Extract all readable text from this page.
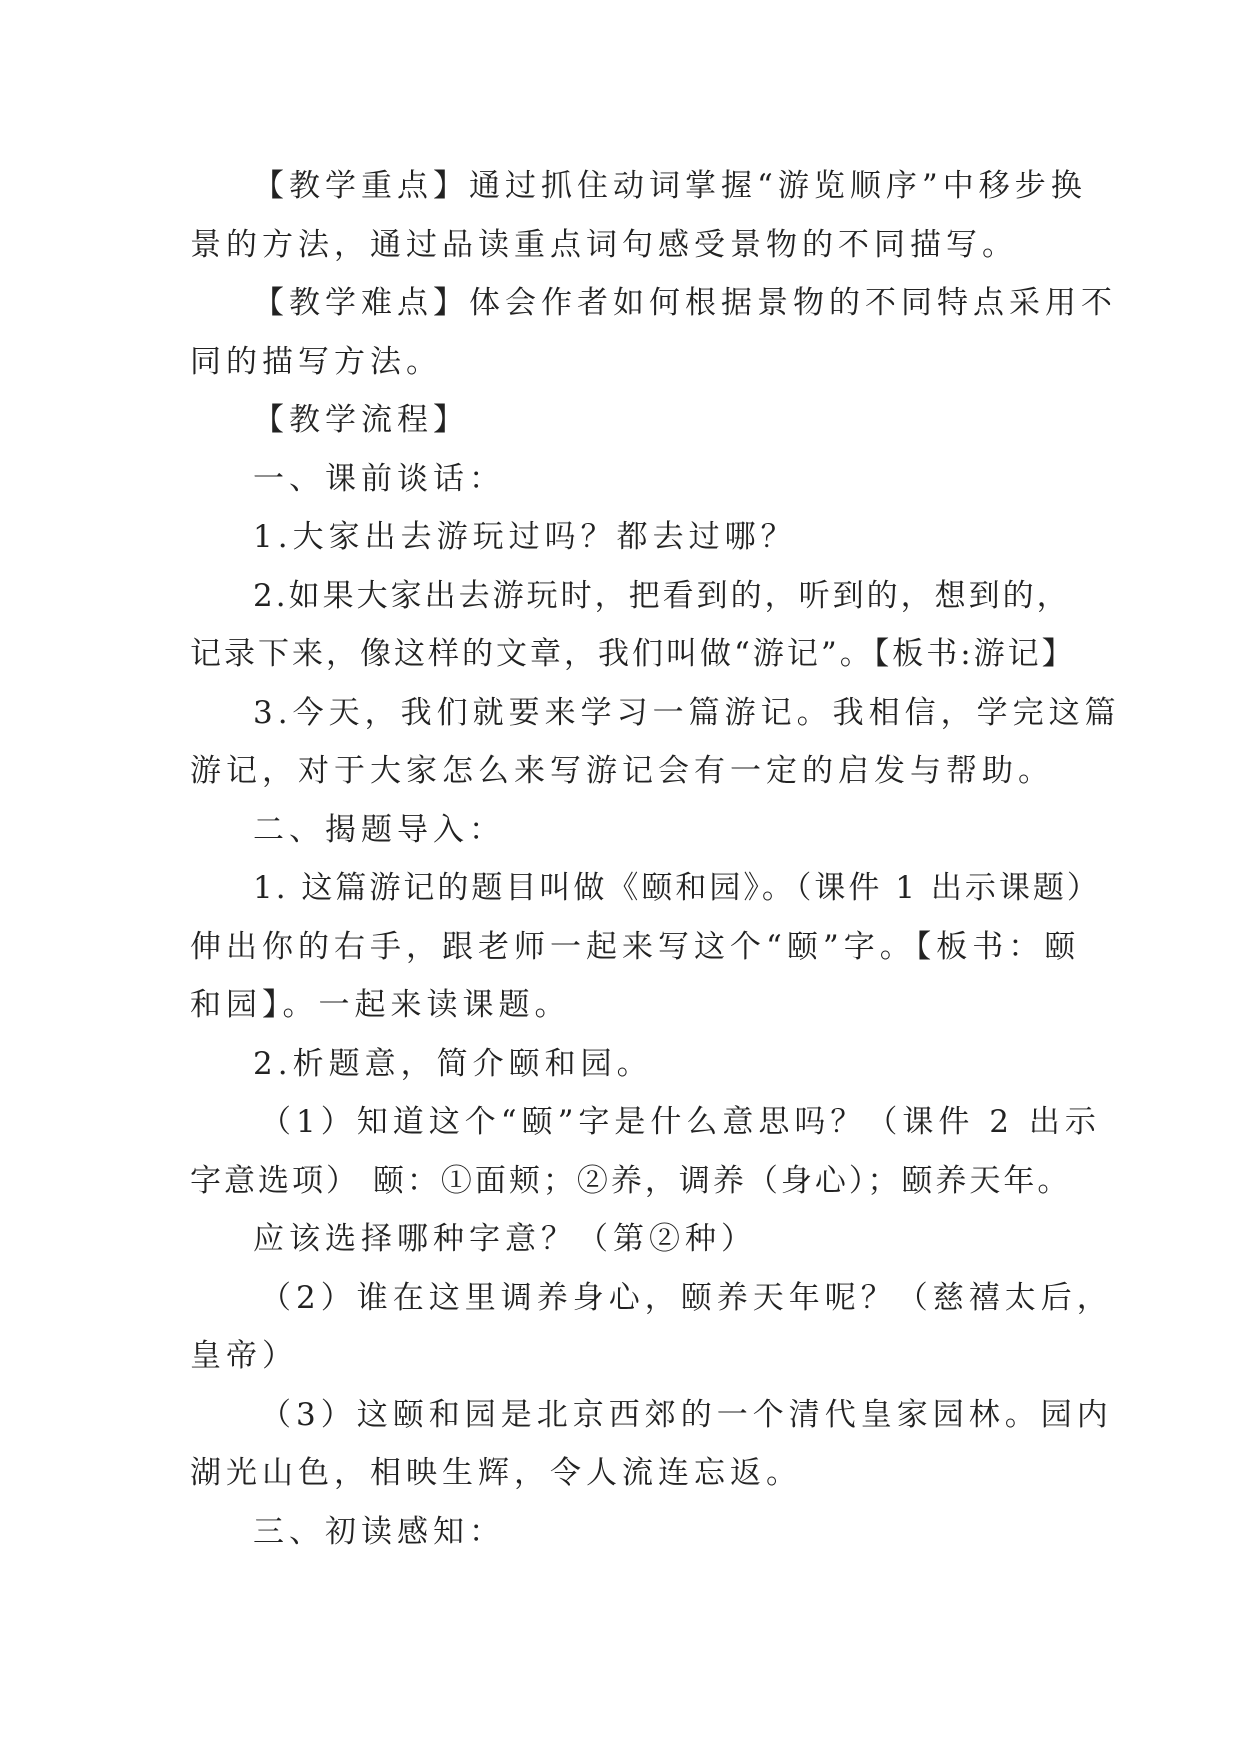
【教学重点】通过抓住动词掌握“游览顺序”中移步换
景的方法，通过品读重点词句感受景物的不同描写。
【教学难点】体会作者如何根据景物的不同特点采用不
同的描写方法。
【教学流程】
一、课前谈话：
1.大家出去游玩过吗？都去过哪？
2.如果大家出去游玩时，把看到的，听到的，想到的，
记录下来，像这样的文章，我们叫做“游记”。【板书:游记】
3.今天，我们就要来学习一篇游记。我相信，学完这篇
游记，对于大家怎么来写游记会有一定的启发与帮助。
二、揭题导入：
1. 这篇游记的题目叫做《颐和园》。（课件 1 出示课题）
伸出你的右手，跟老师一起来写这个“颐”字。【板书：颐
和园】。一起来读课题。
2.析题意，简介颐和园。
（1）知道这个“颐”字是什么意思吗？（课件 2 出示
字意选项） 颐：①面颊；②养，调养（身心）；颐养天年。
应该选择哪种字意？（第②种）
（2）谁在这里调养身心，颐养天年呢？（慈禧太后，
皇帝）
（3）这颐和园是北京西郊的一个清代皇家园林。园内
湖光山色，相映生辉，令人流连忘返。
三、初读感知：
